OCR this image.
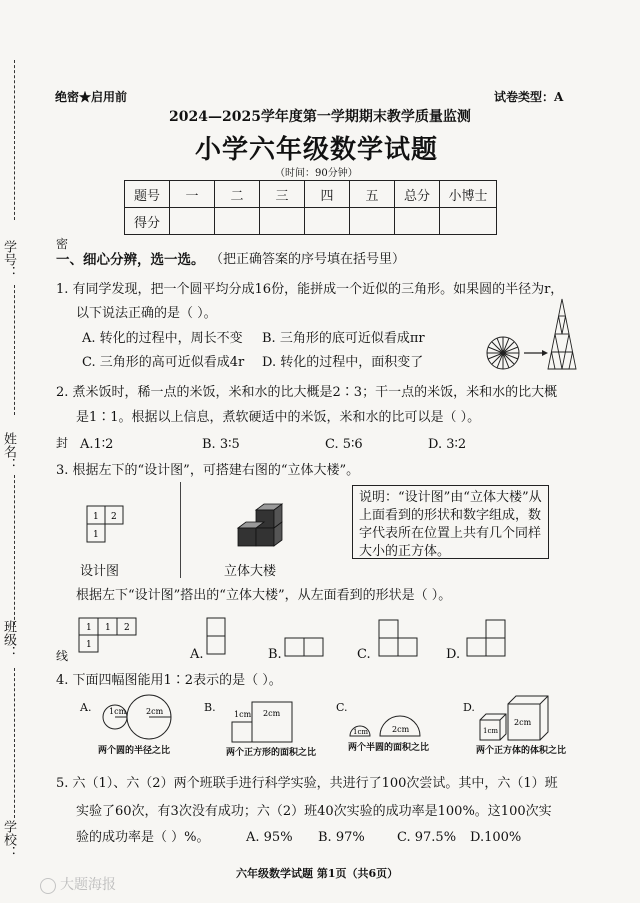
学号：
姓名：
班级：
学校：
密
封
线
绝密★启用前	试卷类型：A
2024—2025学年度第一学期期末教学质量监测
小学六年级数学试题
（时间：90分钟）
题号	一	二	三	四	五	总分	小博士
得分							
一、细心分辨，选一选。 （把正确答案的序号填在括号里）
1. 有同学发现，把一个圆平均分成16份，能拼成一个近似的三角形。如果圆的半径为r，
以下说法正确的是（ ）。
A. 转化的过程中，周长不变 B. 三角形的底可近似看成πr
C. 三角形的高可近似看成4r D. 转化的过程中，面积变了
2. 煮米饭时，稀一点的米饭，米和水的比大概是2∶3；干一点的米饭，米和水的比大概
是1∶1。根据以上信息，煮软硬适中的米饭，米和水的比可以是（ ）。
A.1∶2	B. 3∶5	C. 5∶6	D. 3∶2
3. 根据左下的“设计图”，可搭建右图的“立体大楼”。
说明：“设计图”由“立体大楼”从上面看到的形状和数字组成，数字代表所在位置上共有几个同样大小的正方体。
1 2
1
设计图	立体大楼
根据左下“设计图”搭出的“立体大楼”，从左面看到的形状是（ ）。
1 1 2
1
A.	B.	C.	D.
4. 下面四幅图能用1∶2表示的是（ ）。
A.	B.	C.	D.
1cm 2cm
两个圆的半径之比
1cm 2cm
两个正方形的面积之比
1cm	2cm
两个半圆的面积之比
1cm
2cm
两个正方体的体积之比
5. 六（1）、六（2）两个班联手进行科学实验，共进行了100次尝试。其中，六（1）班
实验了60次，有3次没有成功；六（2）班40次实验的成功率是100%。这100次实
验的成功率是（ ）%。	A. 95% B. 97% C. 97.5% D.100%
六年级数学试题 第1页（共6页）
大题海报
